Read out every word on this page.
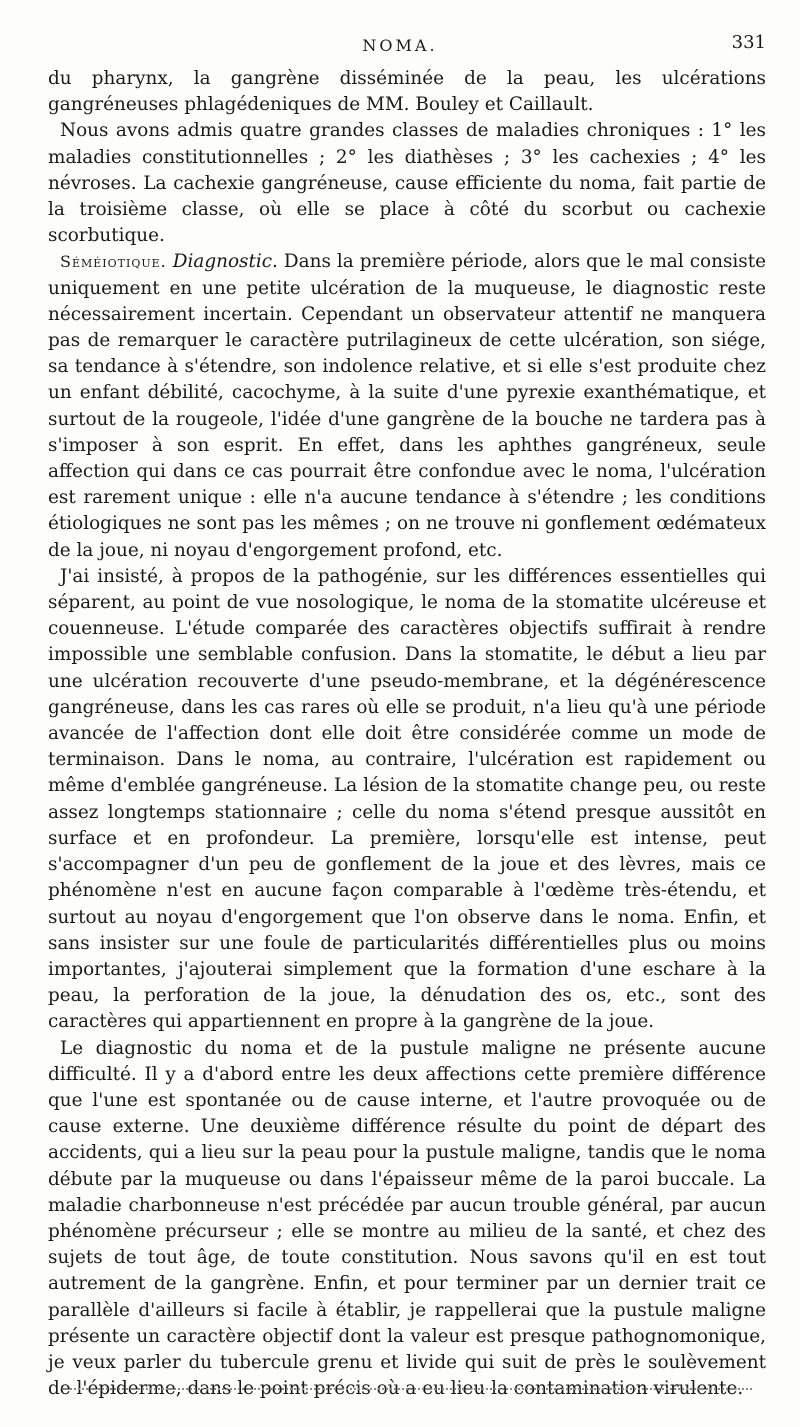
NOMA.	331

du pharynx, la gangrène disséminée de la peau, les ulcérations gangréneuses phlagédeniques de MM. Bouley et Caillault.

Nous avons admis quatre grandes classes de maladies chroniques : 1° les maladies constitutionnelles ; 2° les diathèses ; 3° les cachexies ; 4° les névroses. La cachexie gangréneuse, cause efficiente du noma, fait partie de la troisième classe, où elle se place à côté du scorbut ou cachexie scorbutique.

Séméiotique. Diagnostic. Dans la première période, alors que le mal consiste uniquement en une petite ulcération de la muqueuse, le diagnostic reste nécessairement incertain. Cependant un observateur attentif ne manquera pas de remarquer le caractère putrilagineux de cette ulcération, son siége, sa tendance à s'étendre, son indolence relative, et si elle s'est produite chez un enfant débilité, cacochyme, à la suite d'une pyrexie exanthématique, et surtout de la rougeole, l'idée d'une gangrène de la bouche ne tardera pas à s'imposer à son esprit. En effet, dans les aphthes gangréneux, seule affection qui dans ce cas pourrait être confondue avec le noma, l'ulcération est rarement unique : elle n'a aucune tendance à s'étendre ; les conditions étiologiques ne sont pas les mêmes ; on ne trouve ni gonflement œdémateux de la joue, ni noyau d'engorgement profond, etc.

J'ai insisté, à propos de la pathogénie, sur les différences essentielles qui séparent, au point de vue nosologique, le noma de la stomatite ulcéreuse et couenneuse. L'étude comparée des caractères objectifs suffirait à rendre impossible une semblable confusion. Dans la stomatite, le début a lieu par une ulcération recouverte d'une pseudo-membrane, et la dégénérescence gangréneuse, dans les cas rares où elle se produit, n'a lieu qu'à une période avancée de l'affection dont elle doit être considérée comme un mode de terminaison. Dans le noma, au contraire, l'ulcération est rapidement ou même d'emblée gangréneuse. La lésion de la stomatite change peu, ou reste assez longtemps stationnaire ; celle du noma s'étend presque aussitôt en surface et en profondeur. La première, lorsqu'elle est intense, peut s'accompagner d'un peu de gonflement de la joue et des lèvres, mais ce phénomène n'est en aucune façon comparable à l'œdème très-étendu, et surtout au noyau d'engorgement que l'on observe dans le noma. Enfin, et sans insister sur une foule de particularités différentielles plus ou moins importantes, j'ajouterai simplement que la formation d'une eschare à la peau, la perforation de la joue, la dénudation des os, etc., sont des caractères qui appartiennent en propre à la gangrène de la joue.

Le diagnostic du noma et de la pustule maligne ne présente aucune difficulté. Il y a d'abord entre les deux affections cette première différence que l'une est spontanée ou de cause interne, et l'autre provoquée ou de cause externe. Une deuxième différence résulte du point de départ des accidents, qui a lieu sur la peau pour la pustule maligne, tandis que le noma débute par la muqueuse ou dans l'épaisseur même de la paroi buccale. La maladie charbonneuse n'est précédée par aucun trouble général, par aucun phénomène précurseur ; elle se montre au milieu de la santé, et chez des sujets de tout âge, de toute constitution. Nous savons qu'il en est tout autrement de la gangrène. Enfin, et pour terminer par un dernier trait ce parallèle d'ailleurs si facile à établir, je rappellerai que la pustule maligne présente un caractère objectif dont la valeur est presque pathognomonique, je veux parler du tubercule grenu et livide qui suit de près le soulèvement de l'épiderme, dans le point précis où a eu lieu la contamination virulente.
